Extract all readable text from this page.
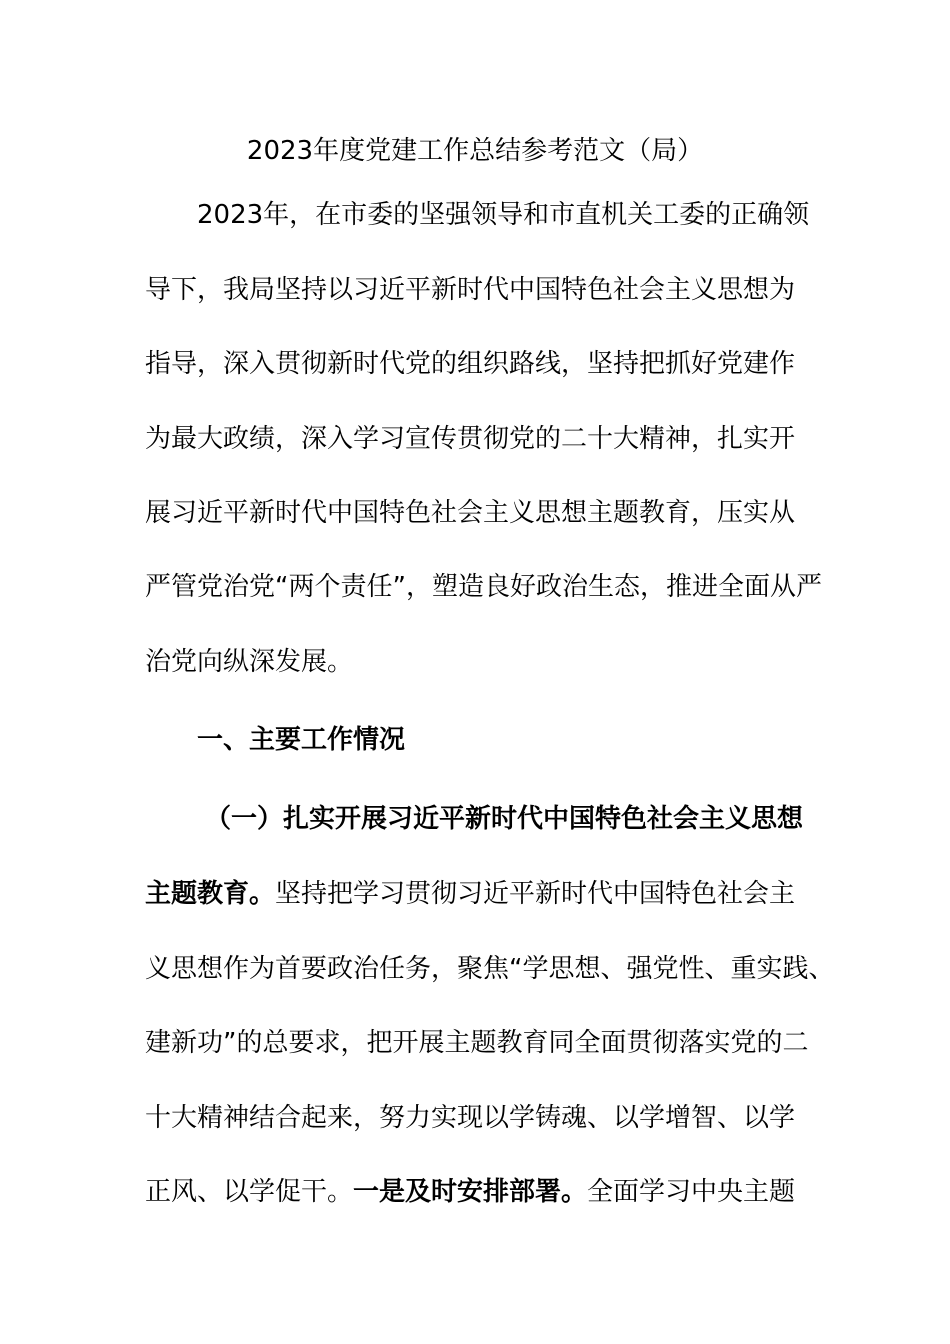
2023年度党建工作总结参考范文（局）
2023年，在市委的坚强领导和市直机关工委的正确领
导下，我局坚持以习近平新时代中国特色社会主义思想为
指导，深入贯彻新时代党的组织路线，坚持把抓好党建作
为最大政绩，深入学习宣传贯彻党的二十大精神，扎实开
展习近平新时代中国特色社会主义思想主题教育，压实从
严管党治党“两个责任”，塑造良好政治生态，推进全面从严
治党向纵深发展。
一、主要工作情况
（一）扎实开展习近平新时代中国特色社会主义思想
主题教育。坚持把学习贯彻习近平新时代中国特色社会主
义思想作为首要政治任务，聚焦“学思想、强党性、重实践、
建新功”的总要求，把开展主题教育同全面贯彻落实党的二
十大精神结合起来，努力实现以学铸魂、以学增智、以学
正风、以学促干。一是及时安排部署。全面学习中央主题
